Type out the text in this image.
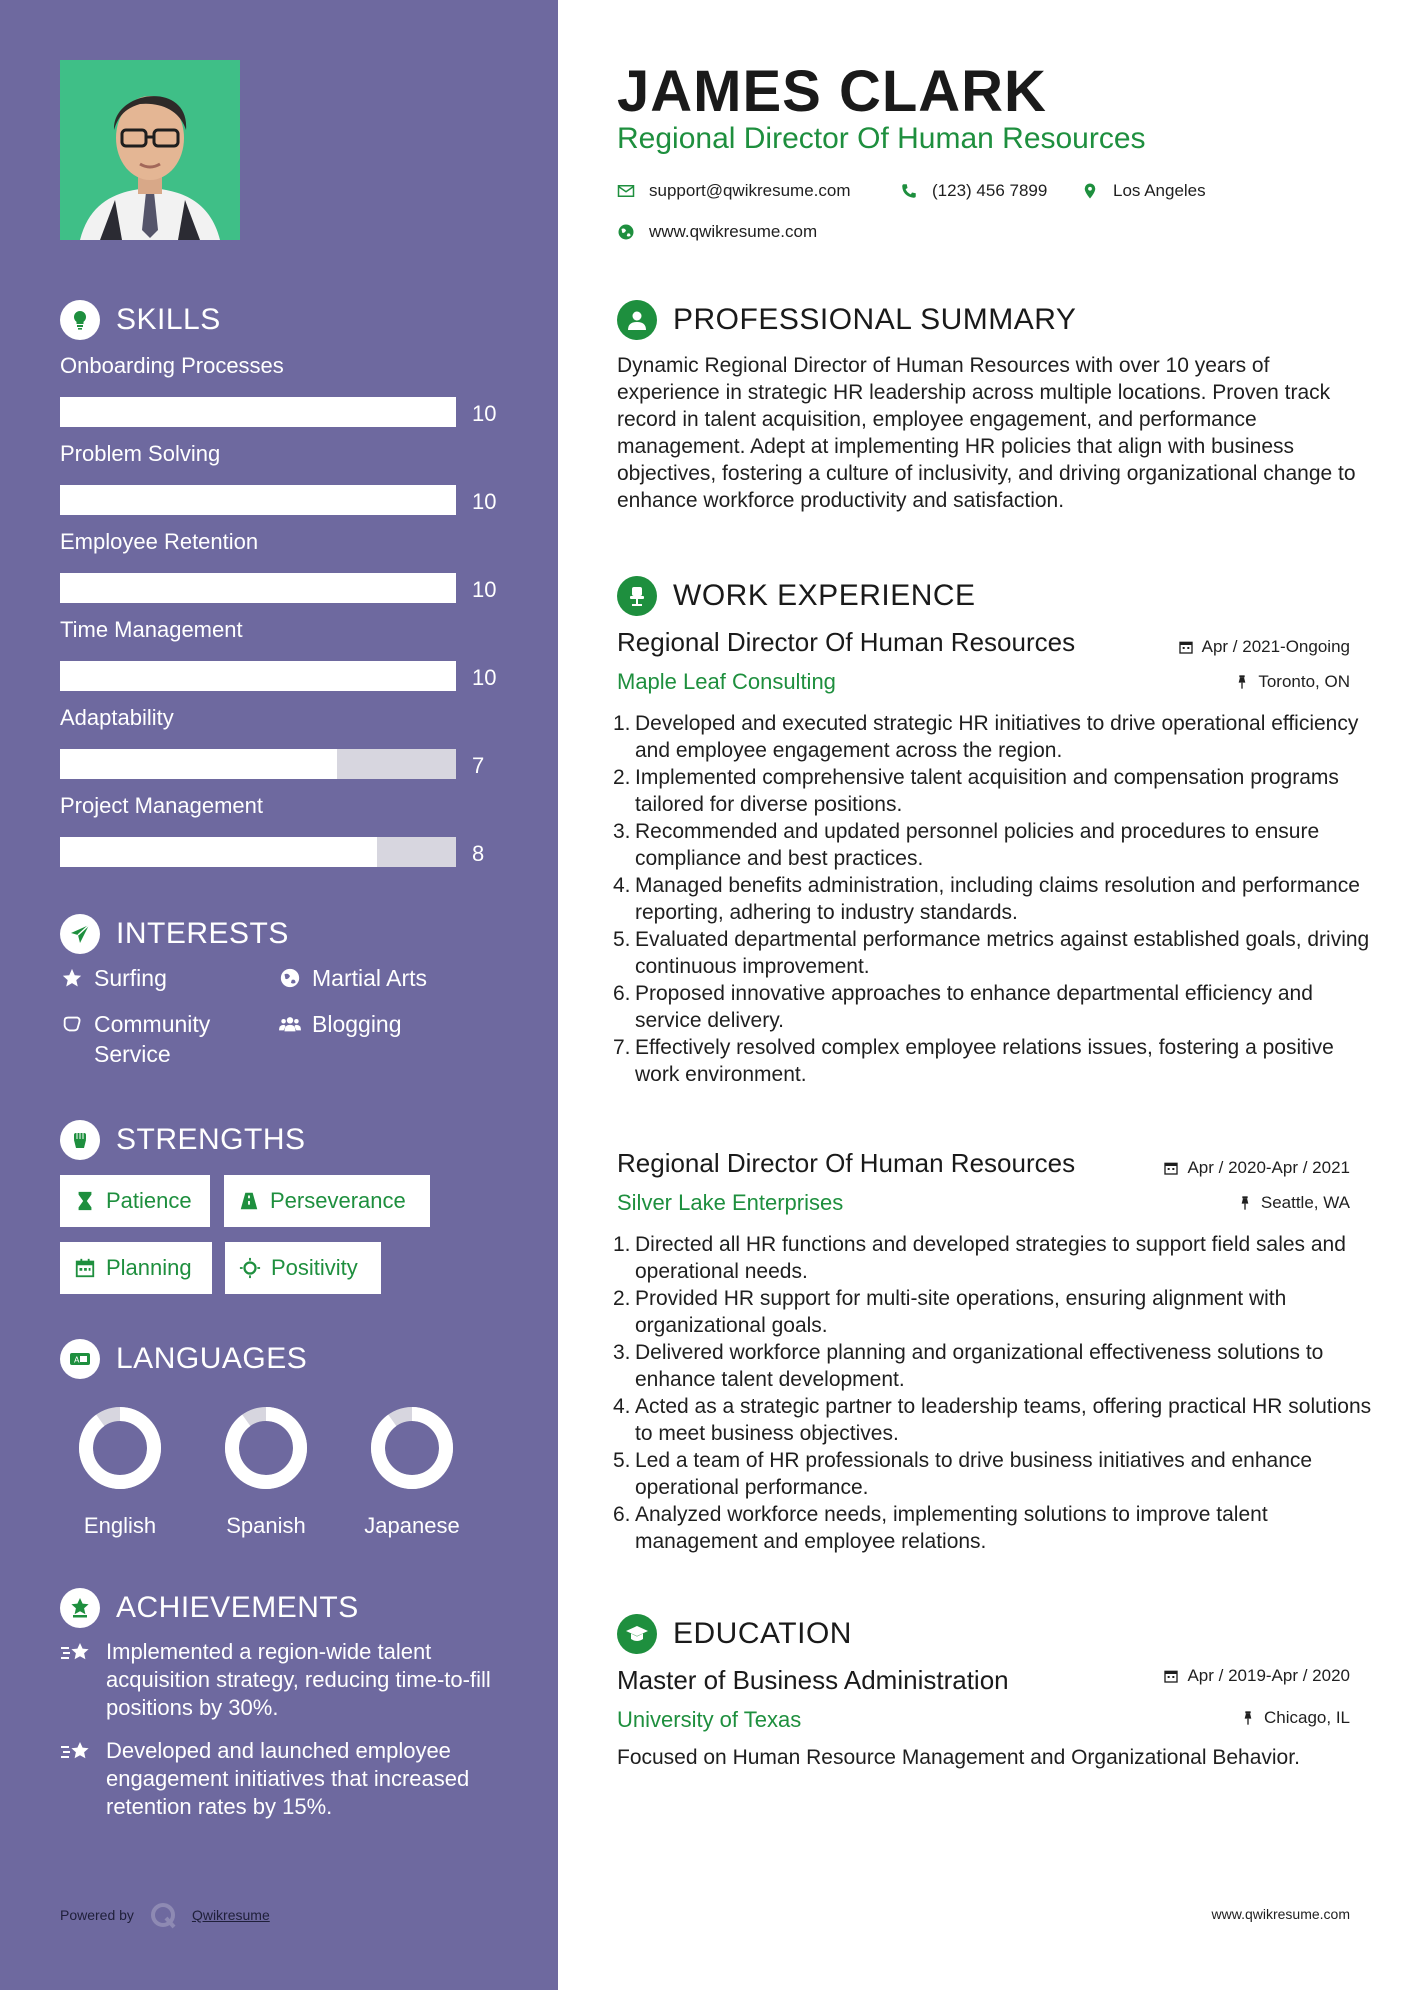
SKILLS
Onboarding Processes
10
Problem Solving
10
Employee Retention
10
Time Management
10
Adaptability
7
Project Management
8
INTERESTS
Surfing	Martial Arts
Community Service
Blogging
STRENGTHS
Patience	Perseverance
Planning	Positivity
A LANGUAGES
English	Spanish	Japanese
ACHIEVEMENTS
Implemented a region-wide talent acquisition strategy, reducing time-to-fill positions by 30%.
Developed and launched employee engagement initiatives that increased retention rates by 15%.
Powered by	Qwikresume
JAMES CLARK
Regional Director Of Human Resources
support@qwikresume.com	(123) 456 7899	Los Angeles
www.qwikresume.com
PROFESSIONAL SUMMARY
Dynamic Regional Director of Human Resources with over 10 years of experience in strategic HR leadership across multiple locations. Proven track record in talent acquisition, employee engagement, and performance management. Adept at implementing HR policies that align with business objectives, fostering a culture of inclusivity, and driving organizational change to enhance workforce productivity and satisfaction.
WORK EXPERIENCE
Regional Director Of Human Resources	Apr / 2021-Ongoing
Maple Leaf Consulting	Toronto, ON
1. Developed and executed strategic HR initiatives to drive operational efficiency and employee engagement across the region.
2. Implemented comprehensive talent acquisition and compensation programs tailored for diverse positions.
3. Recommended and updated personnel policies and procedures to ensure compliance and best practices.
4. Managed benefits administration, including claims resolution and performance reporting, adhering to industry standards.
5. Evaluated departmental performance metrics against established goals, driving continuous improvement.
6. Proposed innovative approaches to enhance departmental efficiency and service delivery.
7. Effectively resolved complex employee relations issues, fostering a positive work environment.
Regional Director Of Human Resources	Apr / 2020-Apr / 2021
Silver Lake Enterprises	Seattle, WA
1. Directed all HR functions and developed strategies to support field sales and operational needs.
2. Provided HR support for multi-site operations, ensuring alignment with organizational goals.
3. Delivered workforce planning and organizational effectiveness solutions to enhance talent development.
4. Acted as a strategic partner to leadership teams, offering practical HR solutions to meet business objectives.
5. Led a team of HR professionals to drive business initiatives and enhance operational performance.
6. Analyzed workforce needs, implementing solutions to improve talent management and employee relations.
EDUCATION
Master of Business Administration	Apr / 2019-Apr / 2020
University of Texas	Chicago, IL
Focused on Human Resource Management and Organizational Behavior.
www.qwikresume.com
